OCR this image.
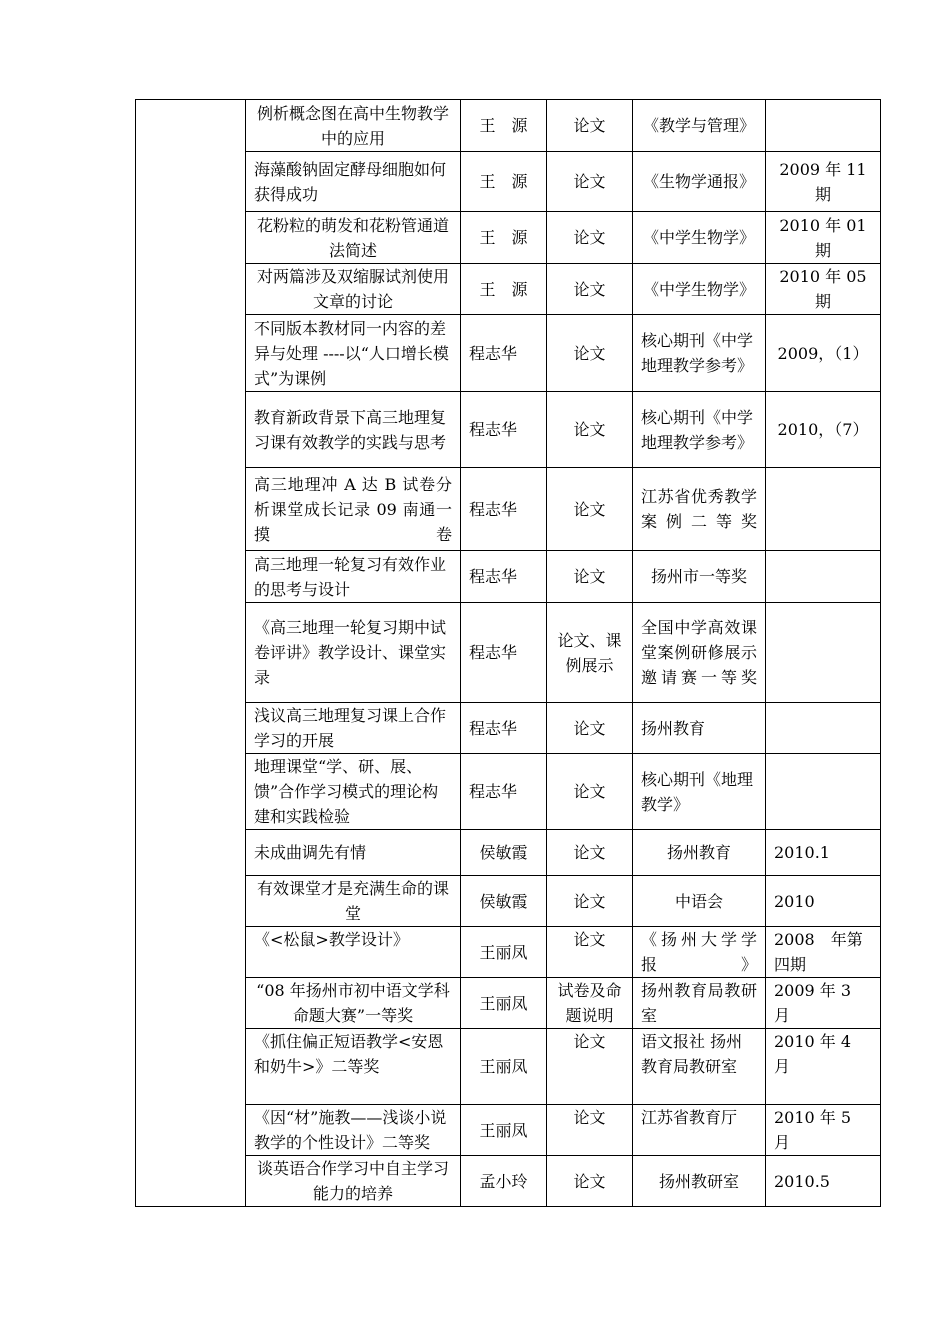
	例析概念图在高中生物教学中的应用	王　源	论文	《教学与管理》	
	海藻酸钠固定酵母细胞如何获得成功	王　源	论文	《生物学通报》	2009 年 11 期
	花粉粒的萌发和花粉管通道法简述	王　源	论文	《中学生物学》	2010 年 01 期
	对两篇涉及双缩脲试剂使用文章的讨论	王　源	论文	《中学生物学》	2010 年 05 期
	不同版本教材同一内容的差异与处理 ----以“人口增长模式”为课例	程志华	论文	核心期刊《中学地理教学参考》	2009，（1）
	教育新政背景下高三地理复习课有效教学的实践与思考	程志华	论文	核心期刊《中学地理教学参考》	2010，（7）
	高三地理冲 A 达 B 试卷分析课堂成长记录 09 南通一摸卷	程志华	论文	江苏省优秀教学案例二等奖	
	高三地理一轮复习有效作业的思考与设计	程志华	论文	扬州市一等奖	
	《高三地理一轮复习期中试卷评讲》教学设计、课堂实录	程志华	论文、课例展示	全国中学高效课堂案例研修展示邀请赛一等奖	
	浅议高三地理复习课上合作学习的开展	程志华	论文	扬州教育	
	地理课堂“学、研、展、馈”合作学习模式的理论构建和实践检验	程志华	论文	核心期刊《地理教学》	
	未成曲调先有情	侯敏霞	论文	扬州教育	2010.1
	有效课堂才是充满生命的课堂	侯敏霞	论文	中语会	2010
	《<松鼠>教学设计》	王丽凤	论文	《扬州大学学报》	2008　年第四期
	“08 年扬州市初中语文学科命题大赛”一等奖	王丽凤	试卷及命题说明	扬州教育局教研室	2009 年 3 月
	《抓住偏正短语教学<安恩和奶牛>》二等奖	王丽凤	论文	语文报社 扬州教育局教研室	2010 年 4 月
	《因“材”施教——浅谈小说教学的个性设计》二等奖	王丽凤	论文	江苏省教育厅	2010 年 5 月
	谈英语合作学习中自主学习能力的培养	孟小玲	论文	扬州教研室	2010.5
